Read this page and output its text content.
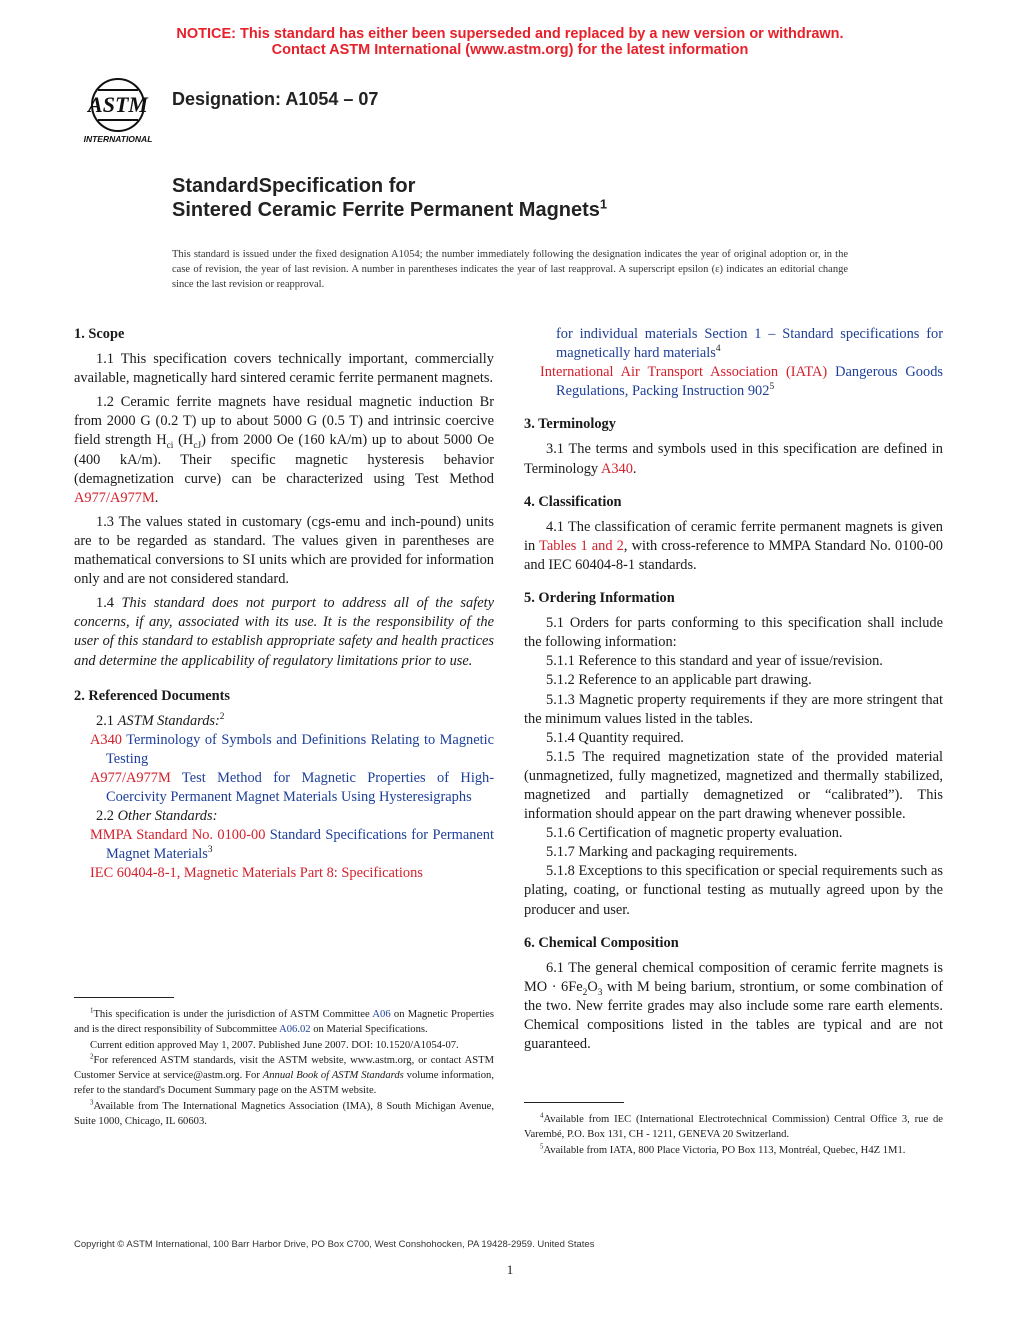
NOTICE: This standard has either been superseded and replaced by a new version or withdrawn.
Contact ASTM International (www.astm.org) for the latest information
ASTM
INTERNATIONAL
Designation: A1054 – 07
StandardSpecification for
Sintered Ceramic Ferrite Permanent Magnets$^1$
This standard is issued under the fixed designation A1054; the number immediately following the designation indicates the year of original adoption or, in the case of revision, the year of last revision. A number in parentheses indicates the year of last reapproval. A superscript epsilon (ε) indicates an editorial change since the last revision or reapproval.

1. Scope

1.1 This specification covers technically important, commercially available, magnetically hard sintered ceramic ferrite permanent magnets.

1.2 Ceramic ferrite magnets have residual magnetic induction Br from 2000 G (0.2 T) up to about 5000 G (0.5 T) and intrinsic coercive field strength $H_{ci}$ $(H_{cJ})$ from 2000 Oe (160 kA/m) up to about 5000 Oe (400 kA/m). Their specific magnetic hysteresis behavior (demagnetization curve) can be characterized using Test Method A977/A977M.

1.3 The values stated in customary (cgs-emu and inch-pound) units are to be regarded as standard. The values given in parentheses are mathematical conversions to SI units which are provided for information only and are not considered standard.

1.4 This standard does not purport to address all of the safety concerns, if any, associated with its use. It is the responsibility of the user of this standard to establish appropriate safety and health practices and determine the applicability of regulatory limitations prior to use.

2. Referenced Documents

2.1 ASTM Standards:$^2$

A340 Terminology of Symbols and Definitions Relating to Magnetic Testing

A977/A977M Test Method for Magnetic Properties of High-Coercivity Permanent Magnet Materials Using Hysteresigraphs

2.2 Other Standards:

MMPA Standard No. 0100-00 Standard Specifications for Permanent Magnet Materials$^3$

IEC 60404-8-1, Magnetic Materials Part 8: Specifications

$^1$This specification is under the jurisdiction of ASTM Committee A06 on Magnetic Properties and is the direct responsibility of Subcommittee A06.02 on Material Specifications.

Current edition approved May 1, 2007. Published June 2007. DOI: 10.1520/A1054-07.

$^2$For referenced ASTM standards, visit the ASTM website, www.astm.org, or contact ASTM Customer Service at service@astm.org. For Annual Book of ASTM Standards volume information, refer to the standard's Document Summary page on the ASTM website.

$^3$Available from The International Magnetics Association (IMA), 8 South Michigan Avenue, Suite 1000, Chicago, IL 60603.

for individual materials Section 1 – Standard specifications for magnetically hard materials$^4$

International Air Transport Association (IATA) Dangerous Goods Regulations, Packing Instruction $902^5$

3. Terminology

3.1 The terms and symbols used in this specification are defined in Terminology A340.

4. Classification

4.1 The classification of ceramic ferrite permanent magnets is given in Tables 1 and 2, with cross-reference to MMPA Standard No. 0100-00 and IEC 60404-8-1 standards.

5. Ordering Information

5.1 Orders for parts conforming to this specification shall include the following information:

5.1.1 Reference to this standard and year of issue/revision.

5.1.2 Reference to an applicable part drawing.

5.1.3 Magnetic property requirements if they are more stringent that the minimum values listed in the tables.

5.1.4 Quantity required.

5.1.5 The required magnetization state of the provided material (unmagnetized, fully magnetized, magnetized and thermally stabilized, magnetized and partially demagnetized or “calibrated”). This information should appear on the part drawing whenever possible.

5.1.6 Certification of magnetic property evaluation.

5.1.7 Marking and packaging requirements.

5.1.8 Exceptions to this specification or special requirements such as plating, coating, or functional testing as mutually agreed upon by the producer and user.

6. Chemical Composition

6.1 The general chemical composition of ceramic ferrite magnets is MO · $6Fe_2O_3$ with M being barium, strontium, or some combination of the two. New ferrite grades may also include some rare earth elements. Chemical compositions listed in the tables are typical and are not guaranteed.

$^4$Available from IEC (International Electrotechnical Commission) Central Office 3, rue de Varembé, P.O. Box 131, CH - 1211, GENEVA 20 Switzerland.

$^5$Available from IATA, 800 Place Victoria, PO Box 113, Montréal, Quebec, H4Z 1M1.

Copyright © ASTM International, 100 Barr Harbor Drive, PO Box C700, West Conshohocken, PA 19428-2959. United States
1
